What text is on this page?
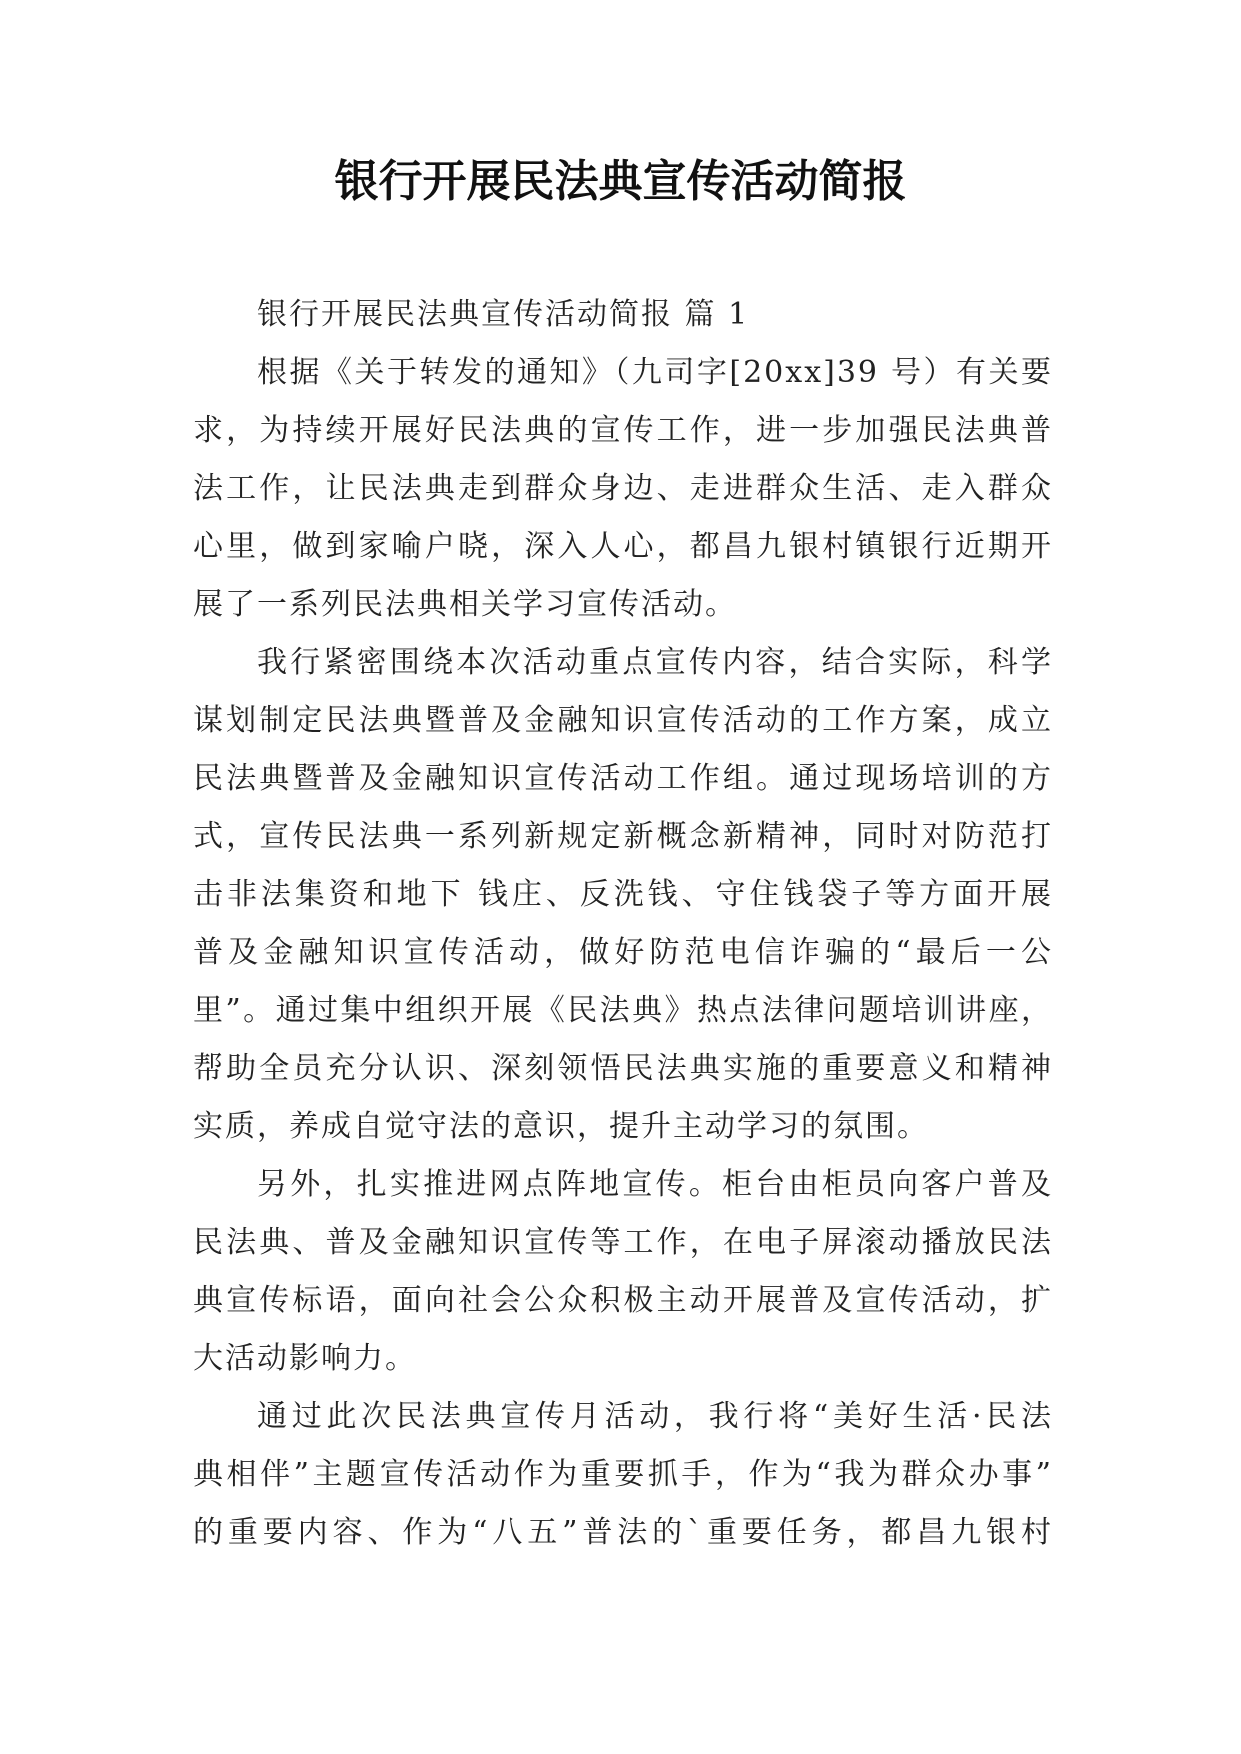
银行开展民法典宣传活动简报
银行开展民法典宣传活动简报 篇 1
根据《关于转发的通知》（九司字[20xx]39 号）有关要
求，为持续开展好民法典的宣传工作，进一步加强民法典普
法工作，让民法典走到群众身边、走进群众生活、走入群众
心里，做到家喻户晓，深入人心，都昌九银村镇银行近期开
展了一系列民法典相关学习宣传活动。
我行紧密围绕本次活动重点宣传内容，结合实际，科学
谋划制定民法典暨普及金融知识宣传活动的工作方案，成立
民法典暨普及金融知识宣传活动工作组。通过现场培训的方
式，宣传民法典一系列新规定新概念新精神，同时对防范打
击非法集资和地下 钱庄、反洗钱、守住钱袋子等方面开展
普及金融知识宣传活动，做好防范电信诈骗的“最后一公
里”。通过集中组织开展《民法典》热点法律问题培训讲座，
帮助全员充分认识、深刻领悟民法典实施的重要意义和精神
实质，养成自觉守法的意识，提升主动学习的氛围。
另外，扎实推进网点阵地宣传。柜台由柜员向客户普及
民法典、普及金融知识宣传等工作，在电子屏滚动播放民法
典宣传标语，面向社会公众积极主动开展普及宣传活动，扩
大活动影响力。
通过此次民法典宣传月活动，我行将“美好生活·民法
典相伴”主题宣传活动作为重要抓手，作为“我为群众办事”
的重要内容、作为“八五”普法的`重要任务，都昌九银村
